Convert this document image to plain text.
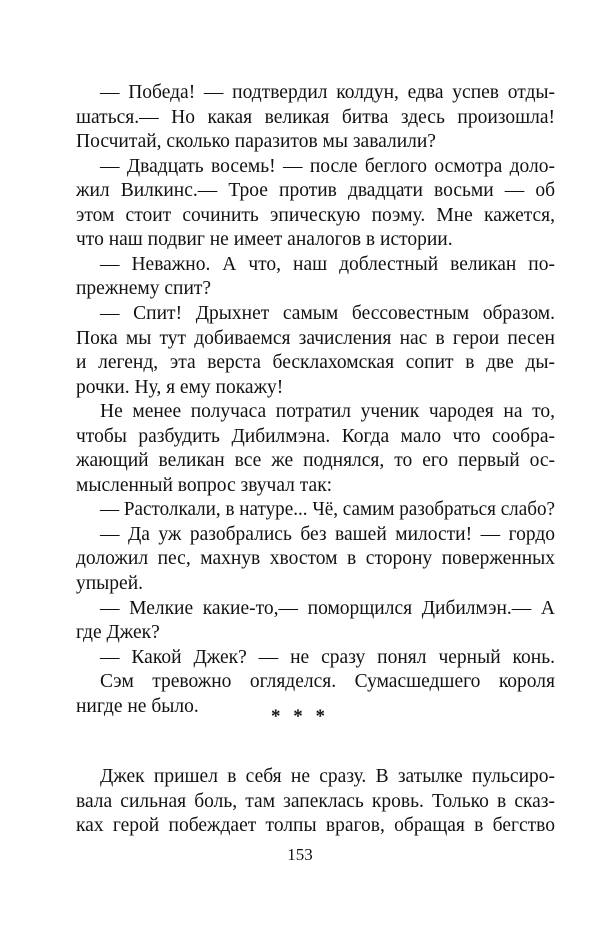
— Победа! — подтвердил колдун, едва успев отды-
шаться.— Но какая великая битва здесь произошла!
Посчитай, сколько паразитов мы завалили?
— Двадцать восемь! — после беглого осмотра доло-
жил Вилкинс.— Трое против двадцати восьми — об
этом стоит сочинить эпическую поэму. Мне кажется,
что наш подвиг не имеет аналогов в истории.
— Неважно. А что, наш доблестный великан по-
прежнему спит?
— Спит! Дрыхнет самым бессовестным образом.
Пока мы тут добиваемся зачисления нас в герои песен
и легенд, эта верста бесклахомская сопит в две ды-
рочки. Ну, я ему покажу!
Не менее получаса потратил ученик чародея на то,
чтобы разбудить Дибилмэна. Когда мало что сообра-
жающий великан все же поднялся, то его первый ос-
мысленный вопрос звучал так:
— Растолкали, в натуре... Чё, самим разобраться слабо?
— Да уж разобрались без вашей милости! — гордо
доложил пес, махнув хвостом в сторону поверженных
упырей.
— Мелкие какие-то,— поморщился Дибилмэн.— А
где Джек?
— Какой Джек? — не сразу понял черный конь.
Сэм тревожно огляделся. Сумасшедшего короля
нигде не было.	* * *
Джек пришел в себя не сразу. В затылке пульсиро-
вала сильная боль, там запеклась кровь. Только в сказ-
ках герой побеждает толпы врагов, обращая в бегство
153
